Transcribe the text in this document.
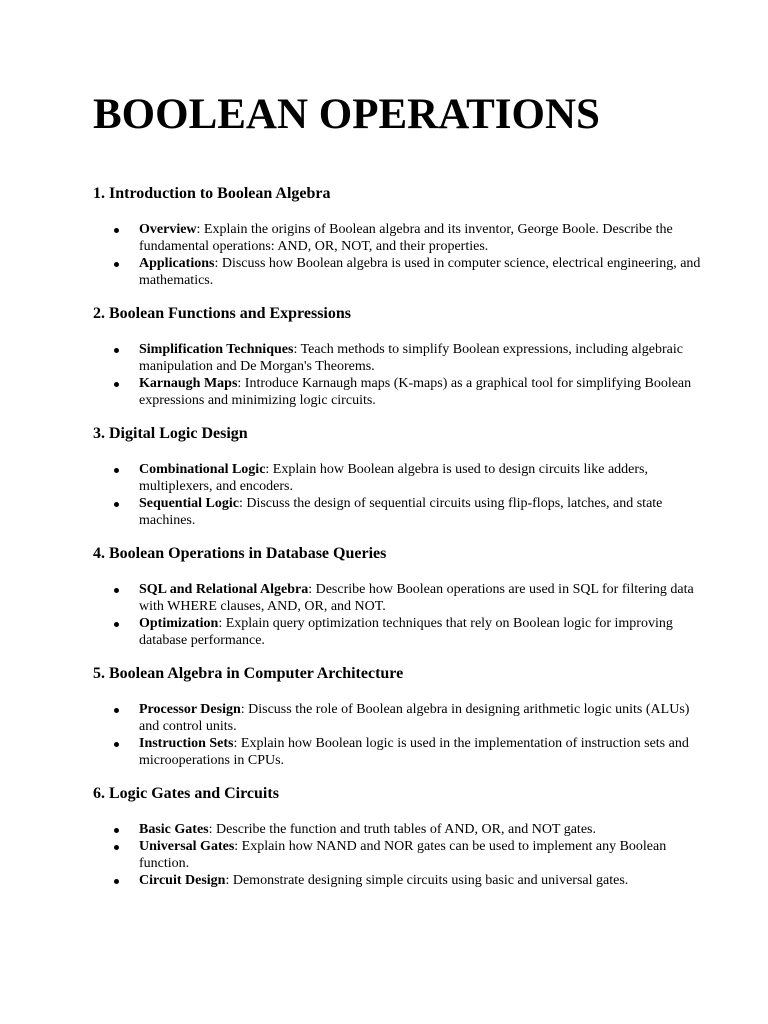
BOOLEAN OPERATIONS
1. Introduction to Boolean Algebra
Overview: Explain the origins of Boolean algebra and its inventor, George Boole. Describe the fundamental operations: AND, OR, NOT, and their properties.
Applications: Discuss how Boolean algebra is used in computer science, electrical engineering, and mathematics.
2. Boolean Functions and Expressions
Simplification Techniques: Teach methods to simplify Boolean expressions, including algebraic manipulation and De Morgan's Theorems.
Karnaugh Maps: Introduce Karnaugh maps (K-maps) as a graphical tool for simplifying Boolean expressions and minimizing logic circuits.
3. Digital Logic Design
Combinational Logic: Explain how Boolean algebra is used to design circuits like adders, multiplexers, and encoders.
Sequential Logic: Discuss the design of sequential circuits using flip-flops, latches, and state machines.
4. Boolean Operations in Database Queries
SQL and Relational Algebra: Describe how Boolean operations are used in SQL for filtering data with WHERE clauses, AND, OR, and NOT.
Optimization: Explain query optimization techniques that rely on Boolean logic for improving database performance.
5. Boolean Algebra in Computer Architecture
Processor Design: Discuss the role of Boolean algebra in designing arithmetic logic units (ALUs) and control units.
Instruction Sets: Explain how Boolean logic is used in the implementation of instruction sets and microoperations in CPUs.
6. Logic Gates and Circuits
Basic Gates: Describe the function and truth tables of AND, OR, and NOT gates.
Universal Gates: Explain how NAND and NOR gates can be used to implement any Boolean function.
Circuit Design: Demonstrate designing simple circuits using basic and universal gates.
